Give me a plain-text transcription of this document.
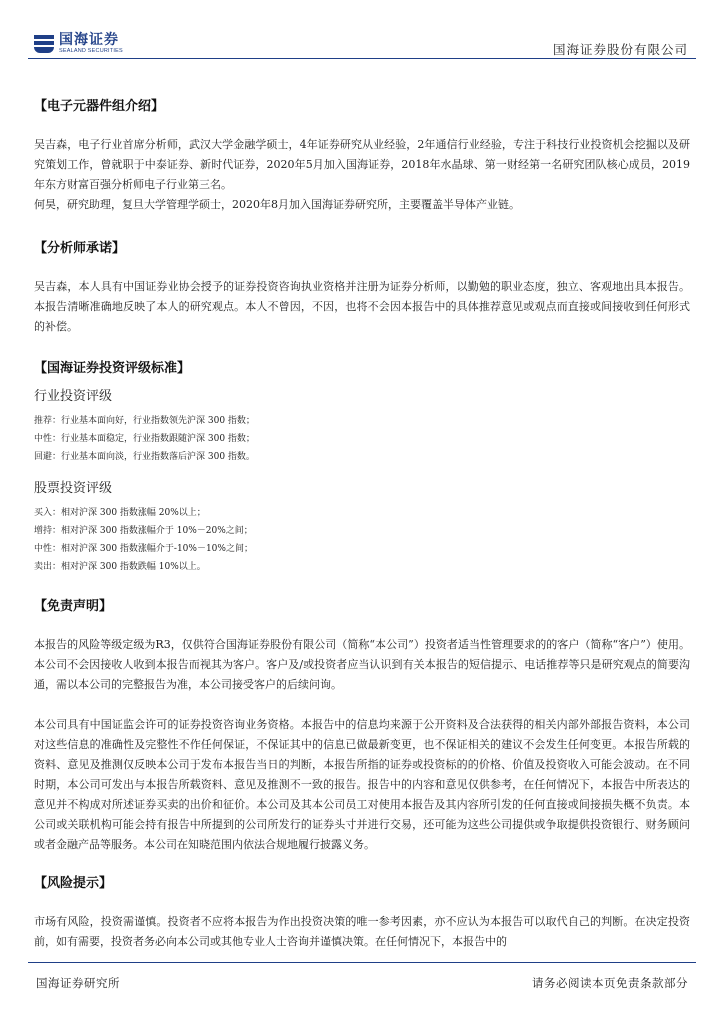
国海证券
SEALAND SECURITIES	国海证券股份有限公司
【电子元器件组介绍】

吴吉森，电子行业首席分析师，武汉大学金融学硕士，4年证券研究从业经验，2年通信行业经验，专注于科技行业投资机会挖掘以及研究策划工作，曾就职于中泰证券、新时代证券，2020年5月加入国海证券，2018年水晶球、第一财经第一名研究团队核心成员，2019年东方财富百强分析师电子行业第三名。

何昊，研究助理，复旦大学管理学硕士，2020年8月加入国海证券研究所，主要覆盖半导体产业链。

【分析师承诺】

吴吉森，本人具有中国证券业协会授予的证券投资咨询执业资格并注册为证券分析师，以勤勉的职业态度，独立、客观地出具本报告。本报告清晰准确地反映了本人的研究观点。本人不曾因，不因，也将不会因本报告中的具体推荐意见或观点而直接或间接收到任何形式的补偿。

【国海证券投资评级标准】
行业投资评级

推荐：行业基本面向好，行业指数领先沪深 300 指数；

中性：行业基本面稳定，行业指数跟随沪深 300 指数；

回避：行业基本面向淡，行业指数落后沪深 300 指数。

股票投资评级

买入：相对沪深 300 指数涨幅 20%以上；

增持：相对沪深 300 指数涨幅介于 10%－20%之间；

中性：相对沪深 300 指数涨幅介于-10%－10%之间；

卖出：相对沪深 300 指数跌幅 10%以上。

【免责声明】

本报告的风险等级定级为R3，仅供符合国海证券股份有限公司（简称“本公司”）投资者适当性管理要求的的客户（简称“客户”）使用。本公司不会因接收人收到本报告而视其为客户。客户及/或投资者应当认识到有关本报告的短信提示、电话推荐等只是研究观点的简要沟通，需以本公司的完整报告为准，本公司接受客户的后续问询。

本公司具有中国证监会许可的证券投资咨询业务资格。本报告中的信息均来源于公开资料及合法获得的相关内部外部报告资料，本公司对这些信息的准确性及完整性不作任何保证，不保证其中的信息已做最新变更，也不保证相关的建议不会发生任何变更。本报告所载的资料、意见及推测仅反映本公司于发布本报告当日的判断，本报告所指的证券或投资标的的价格、价值及投资收入可能会波动。在不同时期，本公司可发出与本报告所载资料、意见及推测不一致的报告。报告中的内容和意见仅供参考，在任何情况下，本报告中所表达的意见并不构成对所述证券买卖的出价和征价。本公司及其本公司员工对使用本报告及其内容所引发的任何直接或间接损失概不负责。本公司或关联机构可能会持有报告中所提到的公司所发行的证券头寸并进行交易，还可能为这些公司提供或争取提供投资银行、财务顾问或者金融产品等服务。本公司在知晓范围内依法合规地履行披露义务。

【风险提示】

市场有风险，投资需谨慎。投资者不应将本报告为作出投资决策的唯一参考因素，亦不应认为本报告可以取代自己的判断。在决定投资前，如有需要，投资者务必向本公司或其他专业人士咨询并谨慎决策。在任何情况下，本报告中的

国海证券研究所	请务必阅读本页免责条款部分
